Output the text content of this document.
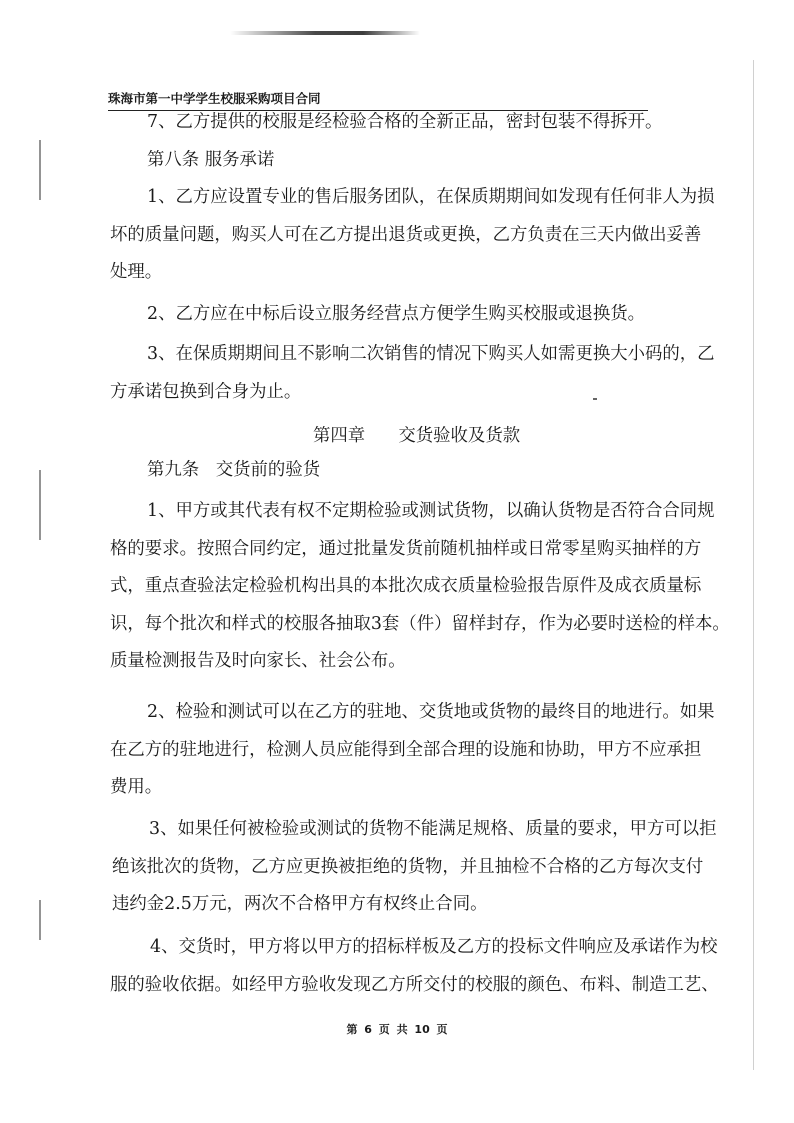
珠海市第一中学学生校服采购项目合同

7、乙方提供的校服是经检验合格的全新正品，密封包装不得拆开。

第八条 服务承诺

1、乙方应设置专业的售后服务团队，在保质期期间如发现有任何非人为损
坏的质量问题，购买人可在乙方提出退货或更换，乙方负责在三天内做出妥善
处理。

2、乙方应在中标后设立服务经营点方便学生购买校服或退换货。

3、在保质期期间且不影响二次销售的情况下购买人如需更换大小码的，乙
方承诺包换到合身为止。

第四章 交货验收及货款

第九条   交货前的验货

1、甲方或其代表有权不定期检验或测试货物，以确认货物是否符合合同规
格的要求。按照合同约定，通过批量发货前随机抽样或日常零星购买抽样的方
式，重点查验法定检验机构出具的本批次成衣质量检验报告原件及成衣质量标
识，每个批次和样式的校服各抽取3套（件）留样封存，作为必要时送检的样本。
质量检测报告及时向家长、社会公布。

2、检验和测试可以在乙方的驻地、交货地或货物的最终目的地进行。如果
在乙方的驻地进行，检测人员应能得到全部合理的设施和协助，甲方不应承担
费用。

3、如果任何被检验或测试的货物不能满足规格、质量的要求，甲方可以拒
绝该批次的货物，乙方应更换被拒绝的货物，并且抽检不合格的乙方每次支付
违约金2.5万元，两次不合格甲方有权终止合同。

4、交货时，甲方将以甲方的招标样板及乙方的投标文件响应及承诺作为校
服的验收依据。如经甲方验收发现乙方所交付的校服的颜色、布料、制造工艺、

第 6 页 共 10 页
